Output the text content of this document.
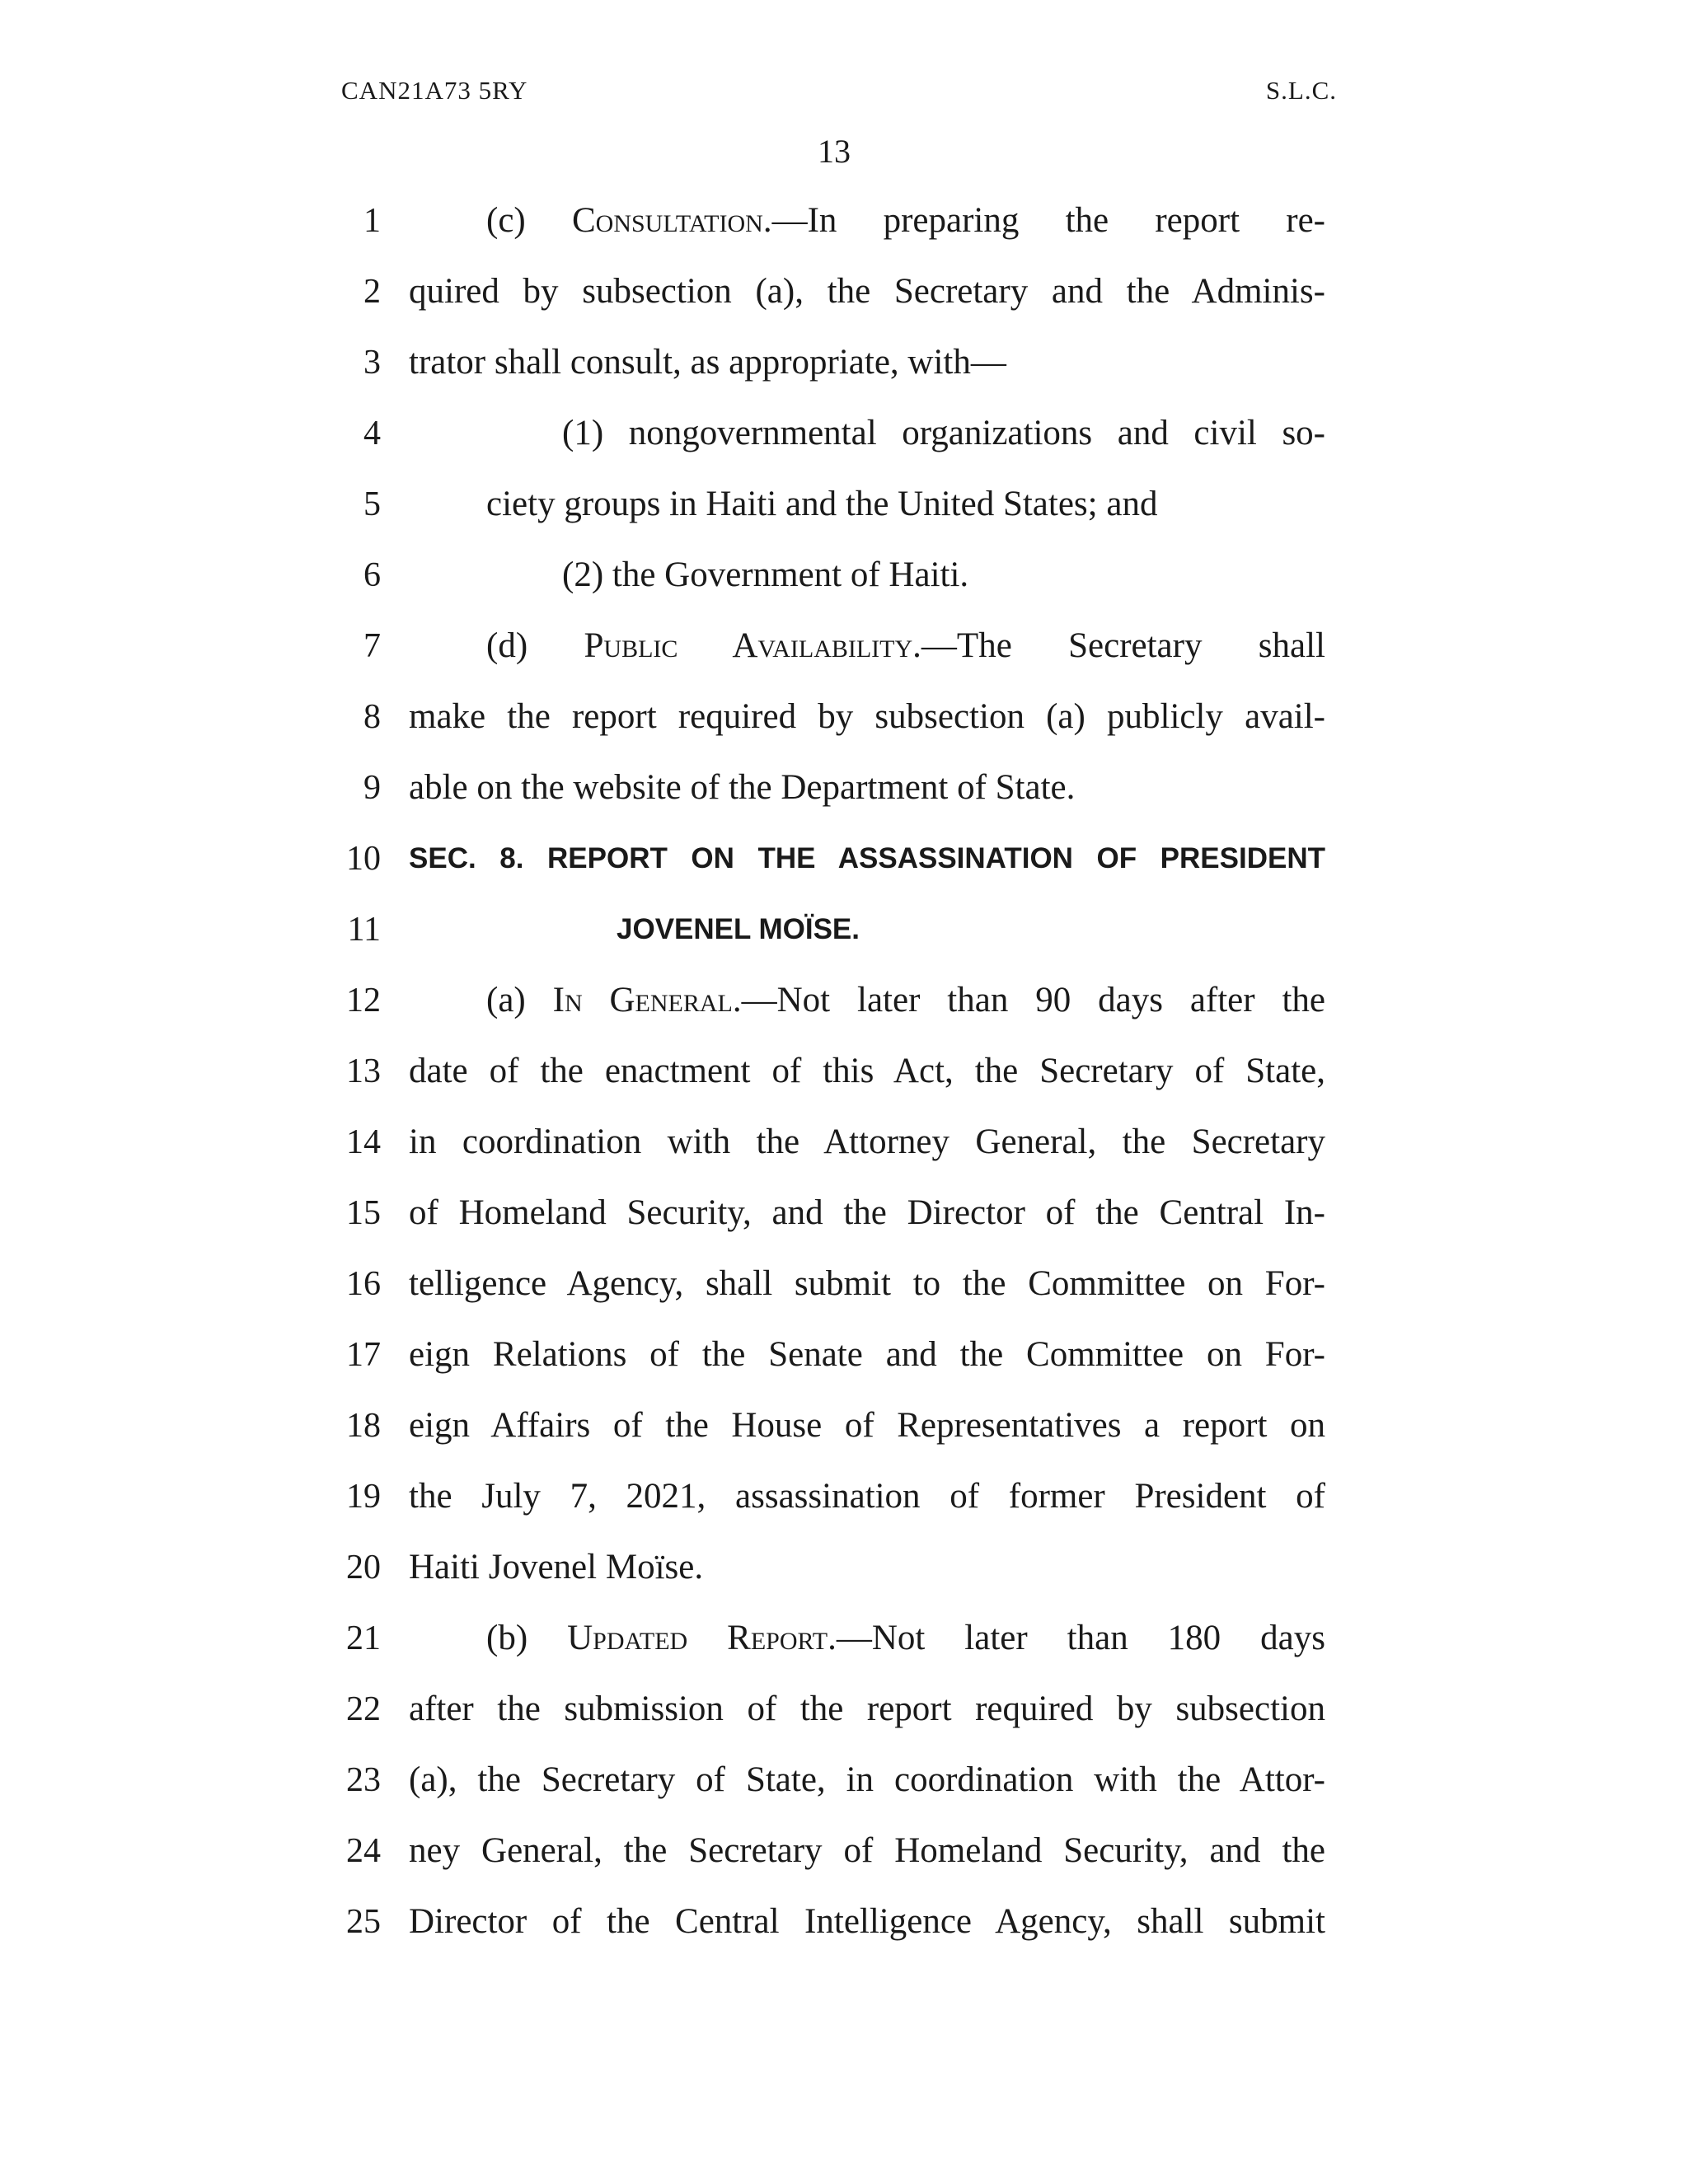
CAN21A73 5RY	S.L.C.
13
1	(c) Consultation.—In preparing the report re-
2 quired by subsection (a), the Secretary and the Adminis-
3 trator shall consult, as appropriate, with—
4	(1) nongovernmental organizations and civil so-
5	ciety groups in Haiti and the United States; and
6	(2) the Government of Haiti.
7	(d) Public Availability.—The Secretary shall
8 make the report required by subsection (a) publicly avail-
9 able on the website of the Department of State.
10 SEC. 8. REPORT ON THE ASSASSINATION OF PRESIDENT
11	JOVENEL MOÏSE.
12	(a) In General.—Not later than 90 days after the
13 date of the enactment of this Act, the Secretary of State,
14 in coordination with the Attorney General, the Secretary
15 of Homeland Security, and the Director of the Central In-
16 telligence Agency, shall submit to the Committee on For-
17 eign Relations of the Senate and the Committee on For-
18 eign Affairs of the House of Representatives a report on
19 the July 7, 2021, assassination of former President of
20 Haiti Jovenel Moïse.
21	(b) Updated Report.—Not later than 180 days
22 after the submission of the report required by subsection
23 (a), the Secretary of State, in coordination with the Attor-
24 ney General, the Secretary of Homeland Security, and the
25 Director of the Central Intelligence Agency, shall submit
